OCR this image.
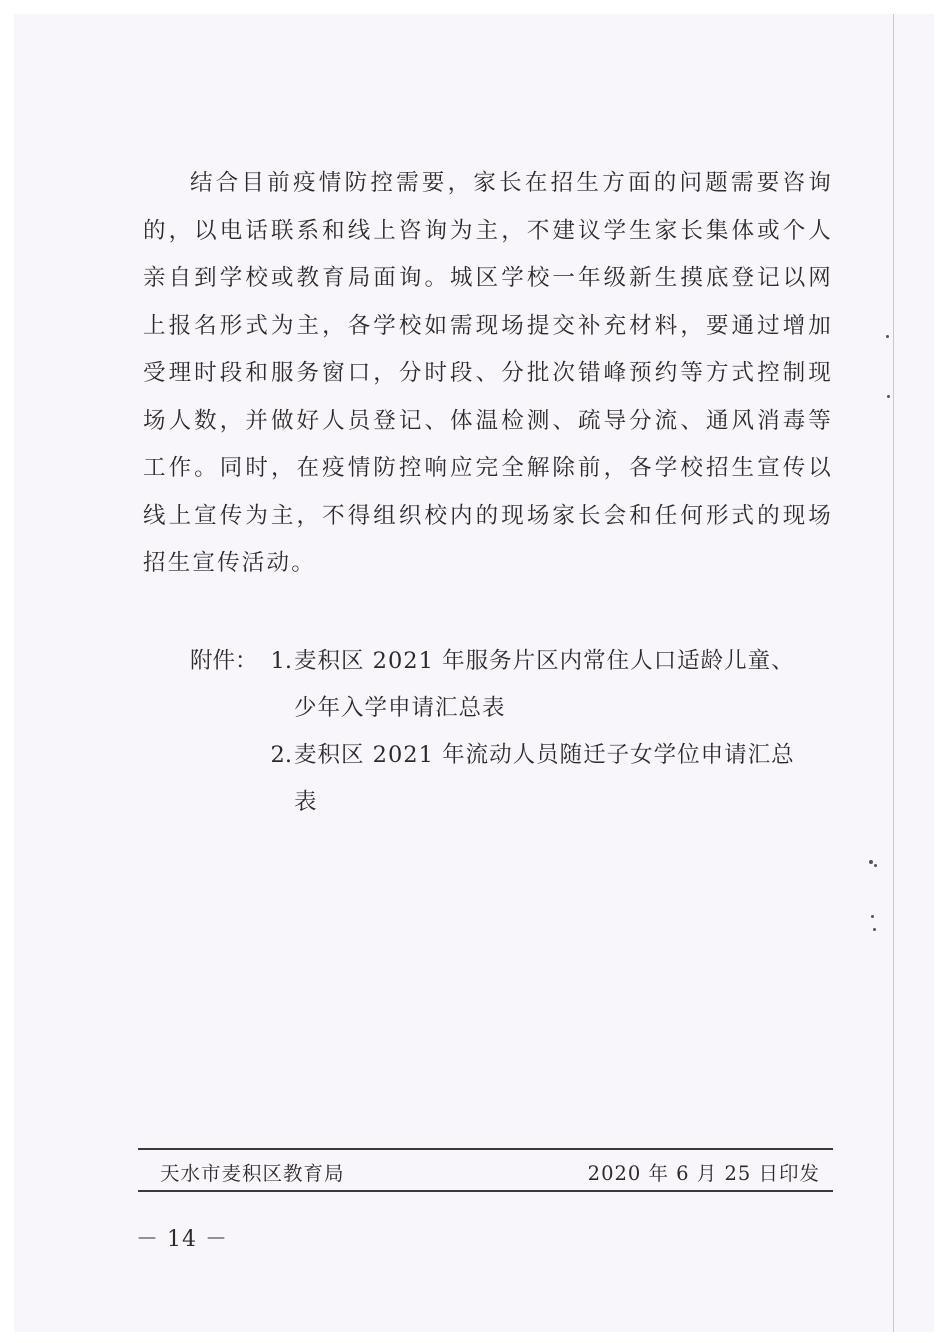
结合目前疫情防控需要，家长在招生方面的问题需要咨询的，以电话联系和线上咨询为主，不建议学生家长集体或个人亲自到学校或教育局面询。城区学校一年级新生摸底登记以网上报名形式为主，各学校如需现场提交补充材料，要通过增加受理时段和服务窗口，分时段、分批次错峰预约等方式控制现场人数，并做好人员登记、体温检测、疏导分流、通风消毒等工作。同时，在疫情防控响应完全解除前，各学校招生宣传以线上宣传为主，不得组织校内的现场家长会和任何形式的现场招生宣传活动。

附件： 1. 麦积区 2021 年服务片区内常住人口适龄儿童、少年入学申请汇总表
2. 麦积区 2021 年流动人员随迁子女学位申请汇总表
天水市麦积区教育局	2020 年 6 月 25 日印发
－ 14 －
